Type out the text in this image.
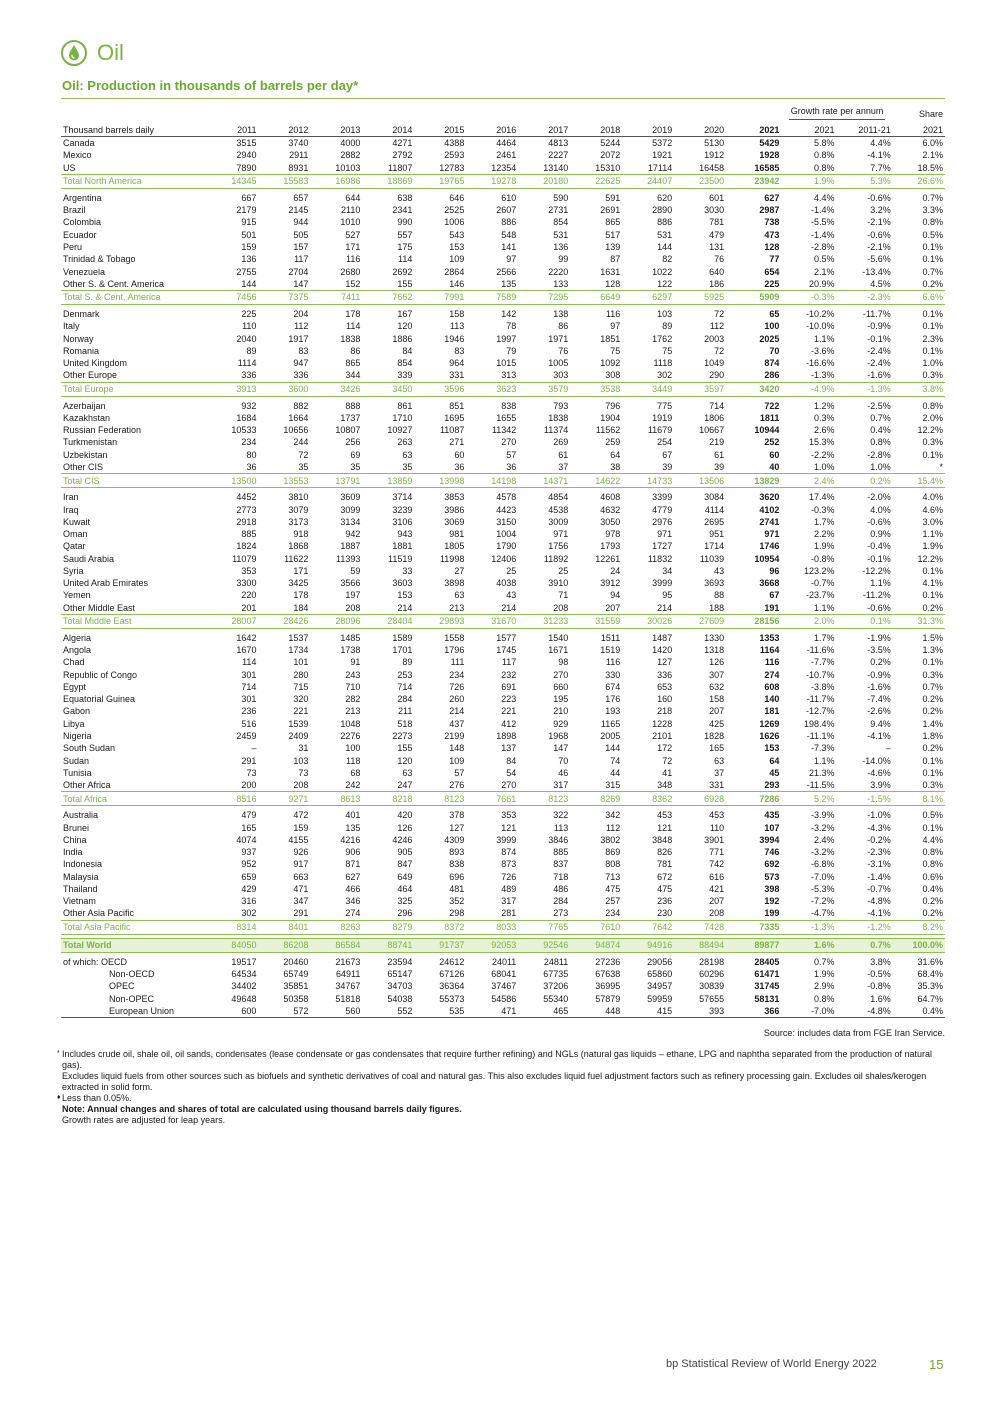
Oil
Oil: Production in thousands of barrels per day*
												Growth rate per annum		Share
Thousand barrels daily	2011	2012	2013	2014	2015	2016	2017	2018	2019	2020	2021	2021	2011-21	2021
Canada	3515	3740	4000	4271	4388	4464	4813	5244	5372	5130	5429	5.8%	4.4%	6.0%
Mexico	2940	2911	2882	2792	2593	2461	2227	2072	1921	1912	1928	0.8%	-4.1%	2.1%
US	7890	8931	10103	11807	12783	12354	13140	15310	17114	16458	16585	0.8%	7.7%	18.5%
Total North America	14345	15583	16986	18869	19765	19278	20180	22625	24407	23500	23942	1.9%	5.3%	26.6%

Argentina	667	657	644	638	646	610	590	591	620	601	627	4.4%	-0.6%	0.7%
Brazil	2179	2145	2110	2341	2525	2607	2731	2691	2890	3030	2987	-1.4%	3.2%	3.3%
Colombia	915	944	1010	990	1006	886	854	865	886	781	738	-5.5%	-2.1%	0.8%
Ecuador	501	505	527	557	543	548	531	517	531	479	473	-1.4%	-0.6%	0.5%
Peru	159	157	171	175	153	141	136	139	144	131	128	-2.8%	-2.1%	0.1%
Trinidad & Tobago	136	117	116	114	109	97	99	87	82	76	77	0.5%	-5.6%	0.1%
Venezuela	2755	2704	2680	2692	2864	2566	2220	1631	1022	640	654	2.1%	-13.4%	0.7%
Other S. & Cent. America	144	147	152	155	146	135	133	128	122	186	225	20.9%	4.5%	0.2%
Total S. & Cent. America	7456	7375	7411	7662	7991	7589	7295	6649	6297	5925	5909	-0.3%	-2.3%	6.6%

Denmark	225	204	178	167	158	142	138	116	103	72	65	-10.2%	-11.7%	0.1%
Italy	110	112	114	120	113	78	86	97	89	112	100	-10.0%	-0.9%	0.1%
Norway	2040	1917	1838	1886	1946	1997	1971	1851	1762	2003	2025	1.1%	-0.1%	2.3%
Romania	89	83	86	84	83	79	76	75	75	72	70	-3.6%	-2.4%	0.1%
United Kingdom	1114	947	865	854	964	1015	1005	1092	1118	1049	874	-16.6%	-2.4%	1.0%
Other Europe	336	336	344	339	331	313	303	308	302	290	286	-1.3%	-1.6%	0.3%
Total Europe	3913	3600	3426	3450	3596	3623	3579	3538	3449	3597	3420	-4.9%	-1.3%	3.8%

Azerbaijan	932	882	888	861	851	838	793	796	775	714	722	1.2%	-2.5%	0.8%
Kazakhstan	1684	1664	1737	1710	1695	1655	1838	1904	1919	1806	1811	0.3%	0.7%	2.0%
Russian Federation	10533	10656	10807	10927	11087	11342	11374	11562	11679	10667	10944	2.6%	0.4%	12.2%
Turkmenistan	234	244	256	263	271	270	269	259	254	219	252	15.3%	0.8%	0.3%
Uzbekistan	80	72	69	63	60	57	61	64	67	61	60	-2.2%	-2.8%	0.1%
Other CIS	36	35	35	35	36	36	37	38	39	39	40	1.0%	1.0%	*
Total CIS	13500	13553	13791	13859	13998	14198	14371	14622	14733	13506	13829	2.4%	0.2%	15.4%

Iran	4452	3810	3609	3714	3853	4578	4854	4608	3399	3084	3620	17.4%	-2.0%	4.0%
Iraq	2773	3079	3099	3239	3986	4423	4538	4632	4779	4114	4102	-0.3%	4.0%	4.6%
Kuwait	2918	3173	3134	3106	3069	3150	3009	3050	2976	2695	2741	1.7%	-0.6%	3.0%
Oman	885	918	942	943	981	1004	971	978	971	951	971	2.2%	0.9%	1.1%
Qatar	1824	1868	1887	1881	1805	1790	1756	1793	1727	1714	1746	1.9%	-0.4%	1.9%
Saudi Arabia	11079	11622	11393	11519	11998	12406	11892	12261	11832	11039	10954	-0.8%	-0.1%	12.2%
Syria	353	171	59	33	27	25	25	24	34	43	96	123.2%	-12.2%	0.1%
United Arab Emirates	3300	3425	3566	3603	3898	4038	3910	3912	3999	3693	3668	-0.7%	1.1%	4.1%
Yemen	220	178	197	153	63	43	71	94	95	88	67	-23.7%	-11.2%	0.1%
Other Middle East	201	184	208	214	213	214	208	207	214	188	191	1.1%	-0.6%	0.2%
Total Middle East	28007	28426	28096	28404	29893	31670	31233	31559	30026	27609	28156	2.0%	0.1%	31.3%

Algeria	1642	1537	1485	1589	1558	1577	1540	1511	1487	1330	1353	1.7%	-1.9%	1.5%
Angola	1670	1734	1738	1701	1796	1745	1671	1519	1420	1318	1164	-11.6%	-3.5%	1.3%
Chad	114	101	91	89	111	117	98	116	127	126	116	-7.7%	0.2%	0.1%
Republic of Congo	301	280	243	253	234	232	270	330	336	307	274	-10.7%	-0.9%	0.3%
Egypt	714	715	710	714	726	691	660	674	653	632	608	-3.8%	-1.6%	0.7%
Equatorial Guinea	301	320	282	284	260	223	195	176	160	158	140	-11.7%	-7.4%	0.2%
Gabon	236	221	213	211	214	221	210	193	218	207	181	-12.7%	-2.6%	0.2%
Libya	516	1539	1048	518	437	412	929	1165	1228	425	1269	198.4%	9.4%	1.4%
Nigeria	2459	2409	2276	2273	2199	1898	1968	2005	2101	1828	1626	-11.1%	-4.1%	1.8%
South Sudan	–	31	100	155	148	137	147	144	172	165	153	-7.3%	–	0.2%
Sudan	291	103	118	120	109	84	70	74	72	63	64	1.1%	-14.0%	0.1%
Tunisia	73	73	68	63	57	54	46	44	41	37	45	21.3%	-4.6%	0.1%
Other Africa	200	208	242	247	276	270	317	315	348	331	293	-11.5%	3.9%	0.3%
Total Africa	8516	9271	8613	8218	8123	7661	8123	8269	8362	6928	7286	5.2%	-1.5%	8.1%

Australia	479	472	401	420	378	353	322	342	453	453	435	-3.9%	-1.0%	0.5%
Brunei	165	159	135	126	127	121	113	112	121	110	107	-3.2%	-4.3%	0.1%
China	4074	4155	4216	4246	4309	3999	3846	3802	3848	3901	3994	2.4%	-0.2%	4.4%
India	937	926	906	905	893	874	885	869	826	771	746	-3.2%	-2.3%	0.8%
Indonesia	952	917	871	847	838	873	837	808	781	742	692	-6.8%	-3.1%	0.8%
Malaysia	659	663	627	649	696	726	718	713	672	616	573	-7.0%	-1.4%	0.6%
Thailand	429	471	466	464	481	489	486	475	475	421	398	-5.3%	-0.7%	0.4%
Vietnam	316	347	346	325	352	317	284	257	236	207	192	-7.2%	-4.8%	0.2%
Other Asia Pacific	302	291	274	296	298	281	273	234	230	208	199	-4.7%	-4.1%	0.2%
Total Asia Pacific	8314	8401	8263	8279	8372	8033	7765	7610	7642	7428	7335	-1.3%	-1.2%	8.2%

Total World	84050	86208	86584	88741	91737	92053	92546	94874	94916	88494	89877	1.6%	0.7%	100.0%

of which: OECD	19517	20460	21673	23594	24612	24011	24811	27236	29056	28198	28405	0.7%	3.8%	31.6%
Non-OECD	64534	65749	64911	65147	67126	68041	67735	67638	65860	60296	61471	1.9%	-0.5%	68.4%
OPEC	34402	35851	34767	34703	36364	37467	37206	36995	34957	30839	31745	2.9%	-0.8%	35.3%
Non-OPEC	49648	50358	51818	54038	55373	54586	55340	57879	59959	57655	58131	0.8%	1.6%	64.7%
European Union	600	572	560	552	535	471	465	448	415	393	366	-7.0%	-4.8%	0.4%
Source: includes data from FGE Iran Service.
* Includes crude oil, shale oil, oil sands, condensates (lease condensate or gas condensates that require further refining) and NGLs (natural gas liquids – ethane, LPG and naphtha separated from the production of natural gas).
Excludes liquid fuels from other sources such as biofuels and synthetic derivatives of coal and natural gas. This also excludes liquid fuel adjustment factors such as refinery processing gain. Excludes oil shales/kerogen extracted in solid form.
♦ Less than 0.05%.
Note: Annual changes and shares of total are calculated using thousand barrels daily figures.
Growth rates are adjusted for leap years.
bp Statistical Review of World Energy 2022	15
